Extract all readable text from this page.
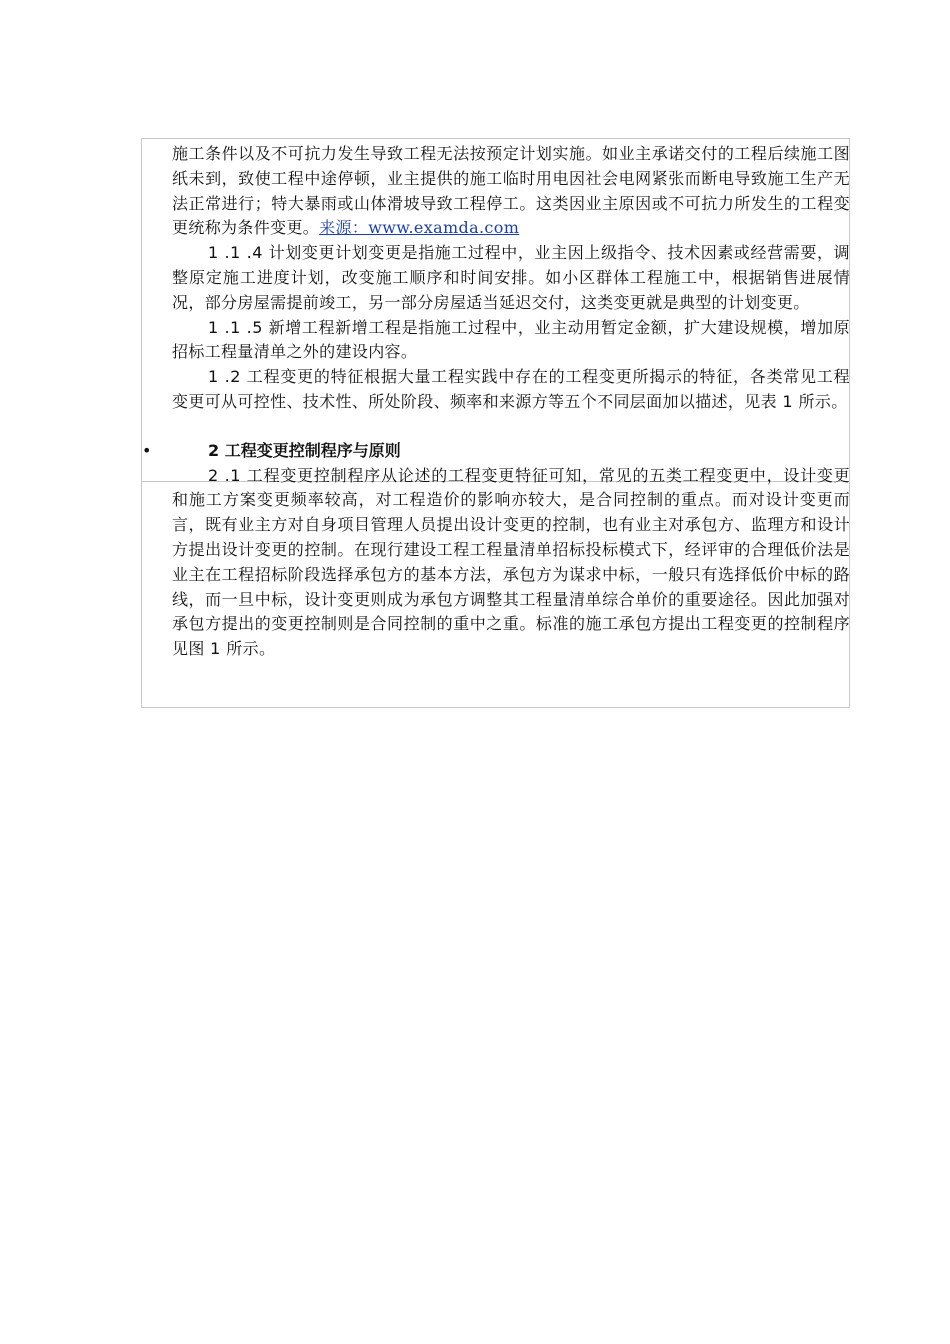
施工条件以及不可抗力发生导致工程无法按预定计划实施。如业主承诺交付的工程后续施工图纸未到，致使工程中途停顿，业主提供的施工临时用电因社会电网紧张而断电导致施工生产无法正常进行；特大暴雨或山体滑坡导致工程停工。这类因业主原因或不可抗力所发生的工程变更统称为条件变更。来源：www.examda.com

1 .1 .4 计划变更计划变更是指施工过程中，业主因上级指令、技术因素或经营需要，调整原定施工进度计划，改变施工顺序和时间安排。如小区群体工程施工中，根据销售进展情况，部分房屋需提前竣工，另一部分房屋适当延迟交付，这类变更就是典型的计划变更。

1 .1 .5 新增工程新增工程是指施工过程中，业主动用暂定金额，扩大建设规模，增加原招标工程量清单之外的建设内容。

1 .2 工程变更的特征根据大量工程实践中存在的工程变更所揭示的特征，各类常见工程变更可从可控性、技术性、所处阶段、频率和来源方等五个不同层面加以描述，见表 1 所示。

•	2 工程变更控制程序与原则

2 .1 工程变更控制程序从论述的工程变更特征可知，常见的五类工程变更中，设计变更和施工方案变更频率较高，对工程造价的影响亦较大，是合同控制的重点。而对设计变更而言，既有业主方对自身项目管理人员提出设计变更的控制，也有业主对承包方、监理方和设计方提出设计变更的控制。在现行建设工程工程量清单招标投标模式下，经评审的合理低价法是业主在工程招标阶段选择承包方的基本方法，承包方为谋求中标，一般只有选择低价中标的路线，而一旦中标，设计变更则成为承包方调整其工程量清单综合单价的重要途径。因此加强对承包方提出的变更控制则是合同控制的重中之重。标准的施工承包方提出工程变更的控制程序见图 1 所示。
